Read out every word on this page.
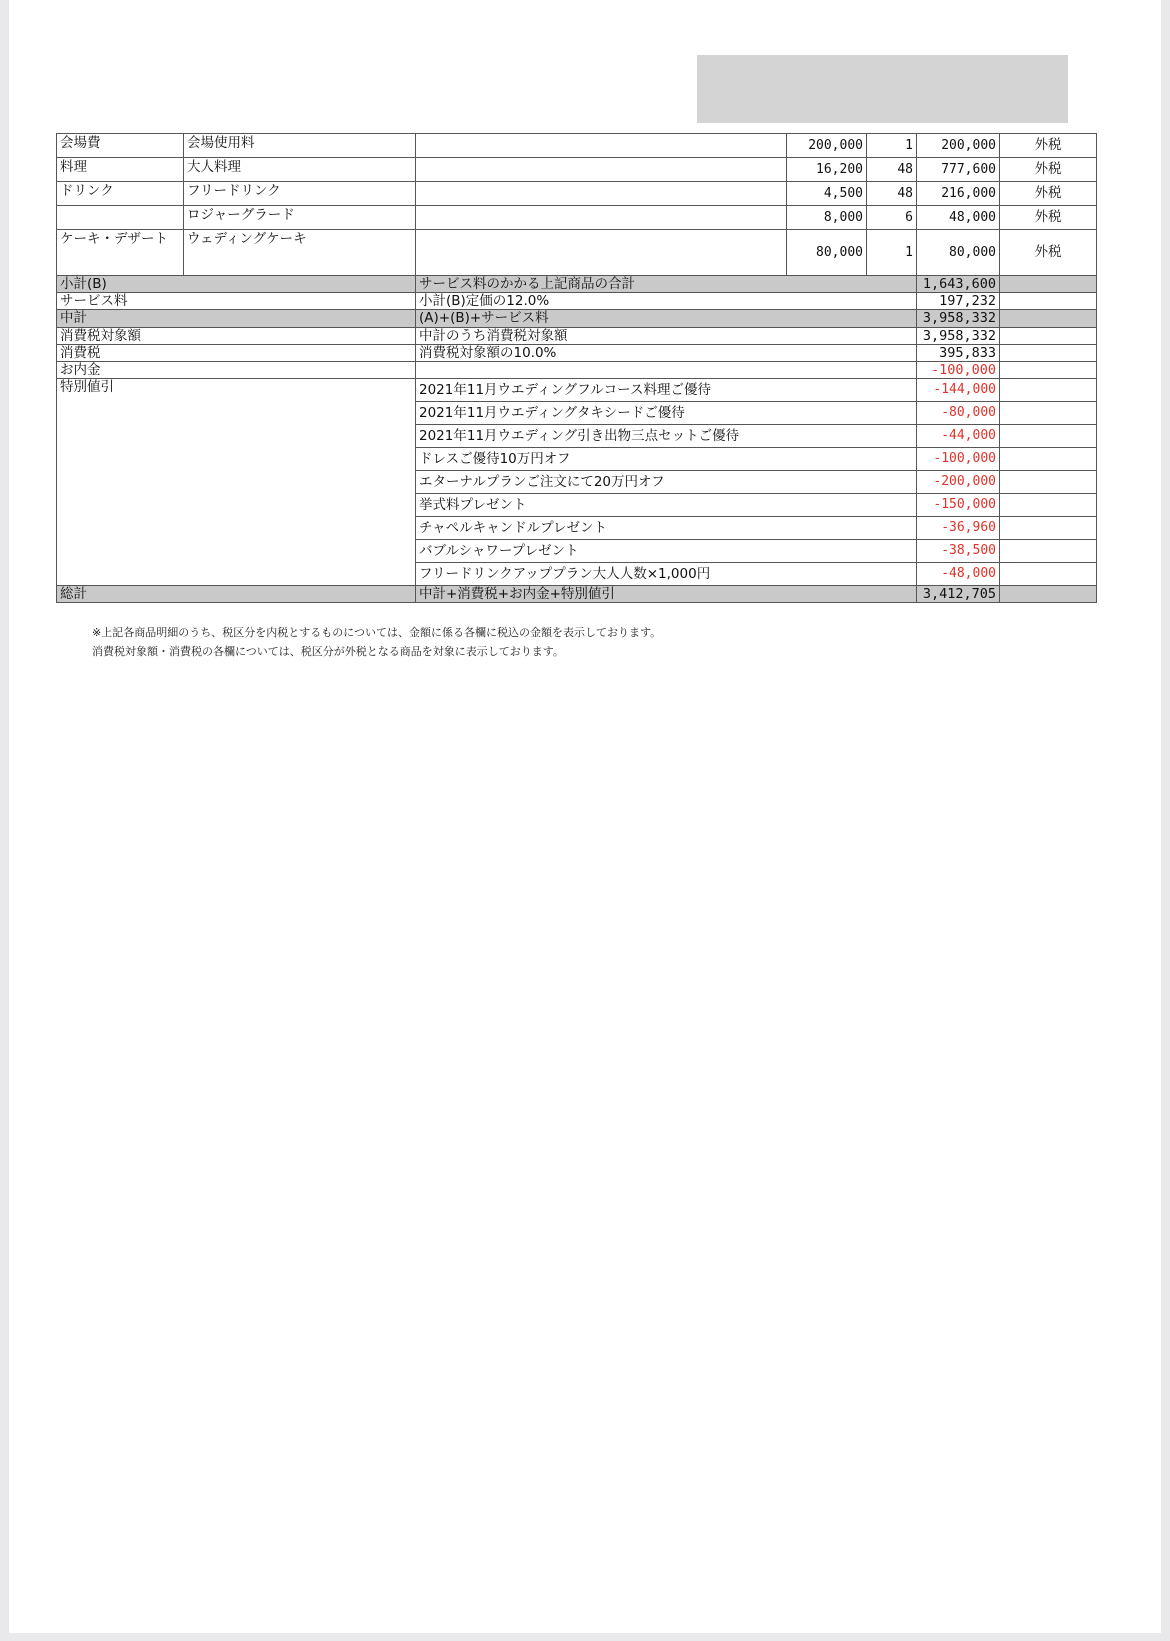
会場費	会場使用料		200,000	1	200,000	外税
料理	大人料理		16,200	48	777,600	外税
ドリンク	フリードリンク		4,500	48	216,000	外税
	ロジャーグラード		8,000	6	48,000	外税
ケーキ・デザート	ウェディングケーキ		80,000	1	80,000	外税
小計(B)		サービス料のかかる上記商品の合計			1,643,600	
サービス料		小計(B)定価の12.0%			197,232	
中計		(A)+(B)+サービス料			3,958,332	
消費税対象額		中計のうち消費税対象額			3,958,332	
消費税		消費税対象額の10.0%			395,833	
お内金					-100,000	
特別値引		2021年11月ウエディングフルコース料理ご優待			-144,000	
		2021年11月ウエディングタキシードご優待			-80,000	
		2021年11月ウエディング引き出物三点セットご優待			-44,000	
		ドレスご優待10万円オフ			-100,000	
		エターナルプランご注文にて20万円オフ			-200,000	
		挙式料プレゼント			-150,000	
		チャペルキャンドルプレゼント			-36,960	
		バブルシャワープレゼント			-38,500	
		フリードリンクアッププラン大人人数×1,000円			-48,000	
総計		中計+消費税+お内金+特別値引			3,412,705	
※上記各商品明細のうち、税区分を内税とするものについては、金額に係る各欄に税込の金額を表示しております。
消費税対象額・消費税の各欄については、税区分が外税となる商品を対象に表示しております。
